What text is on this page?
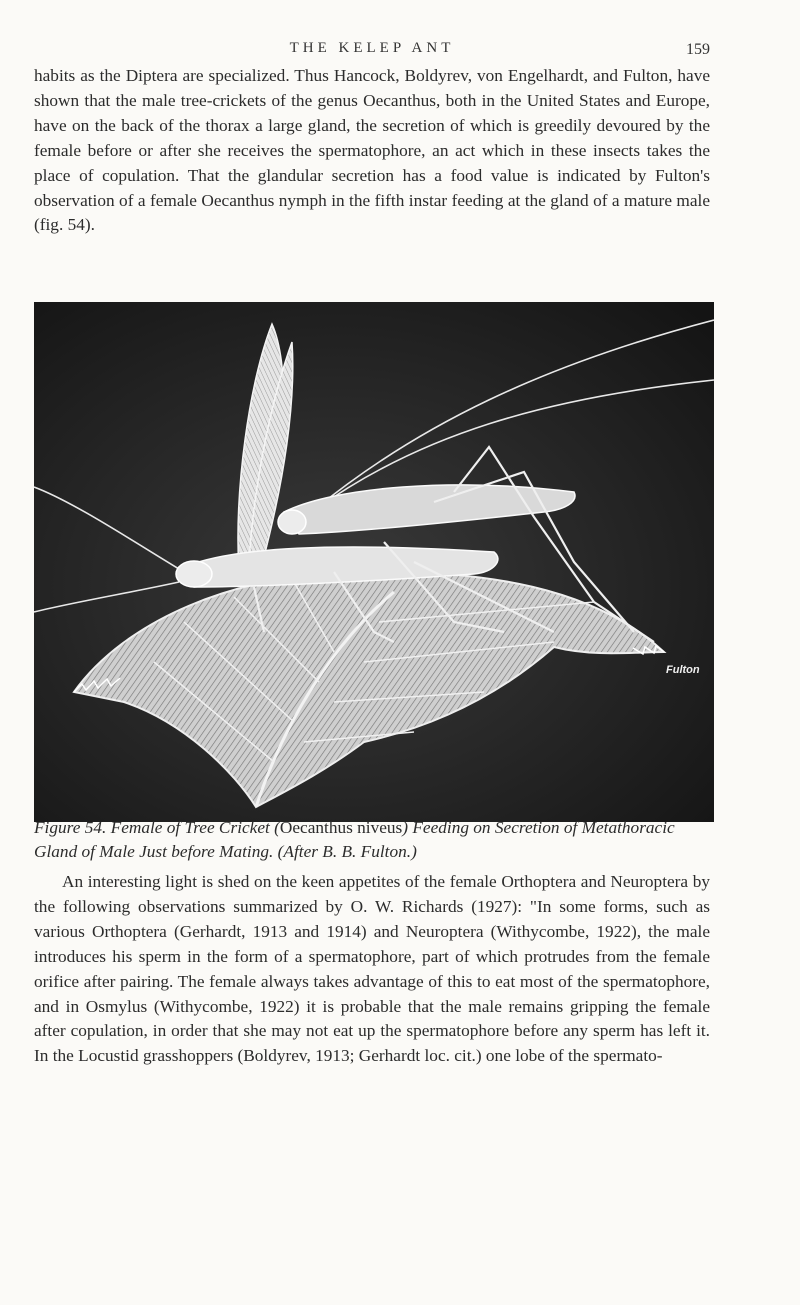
THE KELEP ANT	159

habits as the Diptera are specialized. Thus Hancock, Boldyrev, von Engelhardt, and Fulton, have shown that the male tree-crickets of the genus Oecanthus, both in the United States and Europe, have on the back of the thorax a large gland, the secretion of which is greedily devoured by the female before or after she receives the spermatophore, an act which in these insects takes the place of copulation. That the glandular secretion has a food value is indicated by Fulton's observation of a female Oecanthus nymph in the fifth instar feeding at the gland of a mature male (fig. 54).

Fulton
Figure 54. Female of Tree Cricket (Oecanthus niveus) Feeding on Secretion of Metathoracic Gland of Male Just before Mating. (After B. B. Fulton.)

An interesting light is shed on the keen appetites of the female Orthoptera and Neuroptera by the following observations summarized by O. W. Richards (1927): "In some forms, such as various Orthoptera (Gerhardt, 1913 and 1914) and Neuroptera (Withycombe, 1922), the male introduces his sperm in the form of a spermatophore, part of which protrudes from the female orifice after pairing. The female always takes advantage of this to eat most of the spermatophore, and in Osmylus (Withycombe, 1922) it is probable that the male remains gripping the female after copulation, in order that she may not eat up the spermatophore before any sperm has left it. In the Locustid grasshoppers (Boldyrev, 1913; Gerhardt loc. cit.) one lobe of the spermato-
